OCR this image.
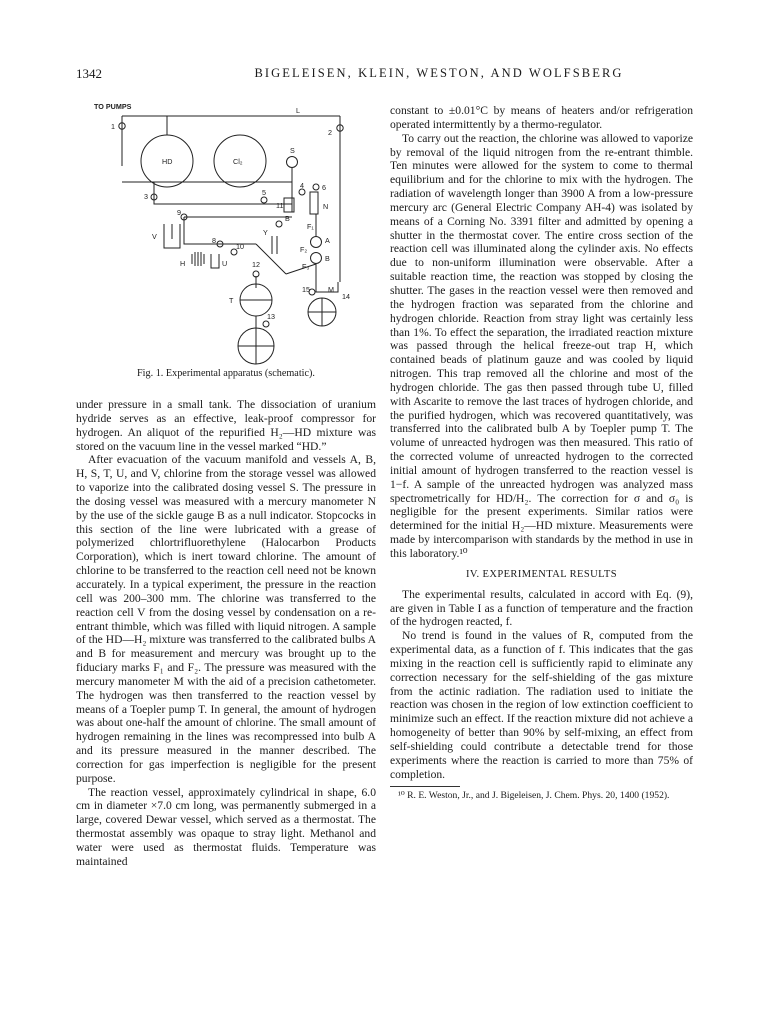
1342	BIGELEISEN, KLEIN, WESTON, AND WOLFSBERG
TO PUMPS	L
1
2
3
HD	Cl₂
S
4
5
6
N
11
Y
B
F₁
9
V	8
10
A
F₂
B
F₃
H	U	12
15	M
14
T
13
Fig. 1. Experimental apparatus (schematic).

under pressure in a small tank. The dissociation of uranium hydride serves as an effective, leak-proof compressor for hydrogen. An aliquot of the repurified H₂—HD mixture was stored on the vacuum line in the vessel marked “HD.”

After evacuation of the vacuum manifold and vessels A, B, H, S, T, U, and V, chlorine from the storage vessel was allowed to vaporize into the calibrated dosing vessel S. The pressure in the dosing vessel was measured with a mercury manometer N by the use of the sickle gauge B as a null indicator. Stopcocks in this section of the line were lubricated with a grease of polymerized chlortrifluorethylene (Halocarbon Products Corporation), which is inert toward chlorine. The amount of chlorine to be transferred to the reaction cell need not be known accurately. In a typical experiment, the pressure in the reaction cell was 200–300 mm. The chlorine was transferred to the reaction cell V from the dosing vessel by condensation on a re-entrant thimble, which was filled with liquid nitrogen. A sample of the HD—H₂ mixture was transferred to the calibrated bulbs A and B for measurement and mercury was brought up to the fiduciary marks F₁ and F₂. The pressure was measured with the mercury manometer M with the aid of a precision cathetometer. The hydrogen was then transferred to the reaction vessel by means of a Toepler pump T. In general, the amount of hydrogen was about one-half the amount of chlorine. The small amount of hydrogen remaining in the lines was recompressed into bulb A and its pressure measured in the manner described. The correction for gas imperfection is negligible for the present purpose.

The reaction vessel, approximately cylindrical in shape, 6.0 cm in diameter ×7.0 cm long, was permanently submerged in a large, covered Dewar vessel, which served as a thermostat. The thermostat assembly was opaque to stray light. Methanol and water were used as thermostat fluids. Temperature was maintained

constant to ±0.01°C by means of heaters and/or refrigeration operated intermittently by a thermo-regulator.

To carry out the reaction, the chlorine was allowed to vaporize by removal of the liquid nitrogen from the re-entrant thimble. Ten minutes were allowed for the system to come to thermal equilibrium and for the chlorine to mix with the hydrogen. The radiation of wavelength longer than 3900 A from a low-pressure mercury arc (General Electric Company AH-4) was isolated by means of a Corning No. 3391 filter and admitted by opening a shutter in the thermostat cover. The entire cross section of the reaction cell was illuminated along the cylinder axis. No effects due to non-uniform illumination were observable. After a suitable reaction time, the reaction was stopped by closing the shutter. The gases in the reaction vessel were then removed and the hydrogen fraction was separated from the chlorine and hydrogen chloride. Reaction from stray light was certainly less than 1%. To effect the separation, the irradiated reaction mixture was passed through the helical freeze-out trap H, which contained beads of platinum gauze and was cooled by liquid nitrogen. This trap removed all the chlorine and most of the hydrogen chloride. The gas then passed through tube U, filled with Ascarite to remove the last traces of hydrogen chloride, and the purified hydrogen, which was recovered quantitatively, was transferred into the calibrated bulb A by Toepler pump T. The volume of unreacted hydrogen was then measured. This ratio of the corrected volume of unreacted hydrogen to the corrected initial amount of hydrogen transferred to the reaction vessel is 1−f. A sample of the unreacted hydrogen was analyzed mass spectrometrically for HD/H₂. The correction for σ and σ₀ is negligible for the present experiments. Similar ratios were determined for the initial H₂—HD mixture. Measurements were made by intercomparison with standards by the method in use in this laboratory.¹⁰

IV. EXPERIMENTAL RESULTS

The experimental results, calculated in accord with Eq. (9), are given in Table I as a function of temperature and the fraction of the hydrogen reacted, f.

No trend is found in the values of R, computed from the experimental data, as a function of f. This indicates that the gas mixing in the reaction cell is sufficiently rapid to eliminate any correction necessary for the self-shielding of the gas mixture from the actinic radiation. The radiation used to initiate the reaction was chosen in the region of low extinction coefficient to minimize such an effect. If the reaction mixture did not achieve a homogeneity of better than 90% by self-mixing, an effect from self-shielding could contribute a detectable trend for those experiments where the reaction is carried to more than 75% of completion.

¹⁰ R. E. Weston, Jr., and J. Bigeleisen, J. Chem. Phys. 20, 1400 (1952).
